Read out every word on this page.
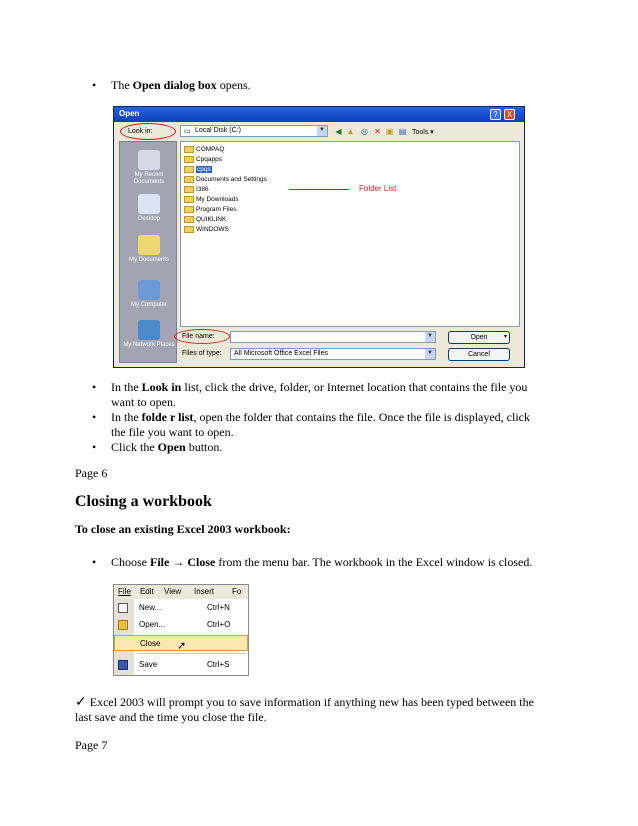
• The Open dialog box opens.
Open	?	X
Look in:	▭ Local Disk (C:)	▼ ◀ ▲ ◎ ✕ ▣ ▤ Tools ▾
My Recent Documents
Desktop
My Documents
My Computer
My Network Places
COMPAQ
Cpqapps
cpqs
Documents and Settings
I386
My Downloads
Program Files
QUIKLINK
WINDOWS
Folder List
File name:	▼
Files of type: All Microsoft Office Excel Files	▼
Open	▾
Cancel
• In the Look in list, click the drive, folder, or Internet location that contains the file you
want to open.
• In the folde r list, open the folder that contains the file. Once the file is displayed, click
the file you want to open.
• Click the Open button.
Page 6
Closing a workbook
To close an existing Excel 2003 workbook:
• Choose File → Close from the menu bar. The workbook in the Excel window is closed.
File Edit View Insert Fo
New...	Ctrl+N
Open...	Ctrl+O
Close ➚
Save	Ctrl+S
✓ Excel 2003 will prompt you to save information if anything new has been typed between the
last save and the time you close the file.
Page 7
